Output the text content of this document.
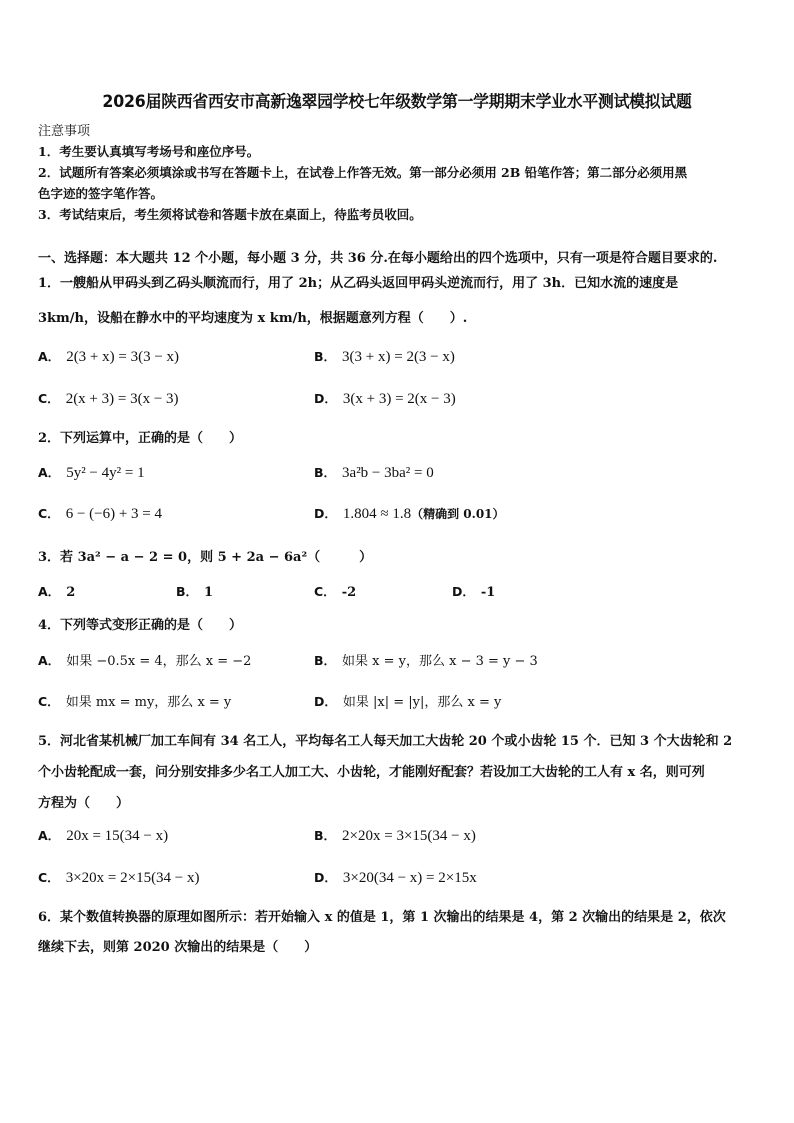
2026届陕西省西安市高新逸翠园学校七年级数学第一学期期末学业水平测试模拟试题
注意事项
1．考生要认真填写考场号和座位序号。
2．试题所有答案必须填涂或书写在答题卡上，在试卷上作答无效。第一部分必须用 2B 铅笔作答；第二部分必须用黑
色字迹的签字笔作答。
3．考试结束后，考生须将试卷和答题卡放在桌面上，待监考员收回。
一、选择题：本大题共 12 个小题，每小题 3 分，共 36 分.在每小题给出的四个选项中，只有一项是符合题目要求的.
1．一艘船从甲码头到乙码头顺流而行，用了 2h；从乙码头返回甲码头逆流而行，用了 3h．已知水流的速度是
3km/h，设船在静水中的平均速度为 x km/h，根据题意列方程（　　）.
A． 2(3 + x) = 3(3 − x)	B． 3(3 + x) = 2(3 − x)
C． 2(x + 3) = 3(x − 3)	D． 3(x + 3) = 2(x − 3)
2．下列运算中，正确的是（　　）
A． 5y² − 4y² = 1	B． 3a²b − 3ba² = 0
C． 6 − (−6) + 3 = 4	D． 1.804 ≈ 1.8（精确到 0.01）
3．若 3a² − a − 2 = 0，则 5 + 2a − 6a²（　　　）
A． 2	B． 1	C． -2	D． -1
4．下列等式变形正确的是（　　）
A． 如果 −0.5x = 4，那么 x = −2	B． 如果 x = y，那么 x − 3 = y − 3
C． 如果 mx = my，那么 x = y	D． 如果 |x| = |y|，那么 x = y
5．河北省某机械厂加工车间有 34 名工人，平均每名工人每天加工大齿轮 20 个或小齿轮 15 个．已知 3 个大齿轮和 2
个小齿轮配成一套，问分别安排多少名工人加工大、小齿轮，才能刚好配套？若设加工大齿轮的工人有 x 名，则可列
方程为（　　）
A． 20x = 15(34 − x)	B． 2×20x = 3×15(34 − x)
C． 3×20x = 2×15(34 − x)	D． 3×20(34 − x) = 2×15x
6．某个数值转换器的原理如图所示：若开始输入 x 的值是 1，第 1 次输出的结果是 4，第 2 次输出的结果是 2，依次
继续下去，则第 2020 次输出的结果是（　　）
